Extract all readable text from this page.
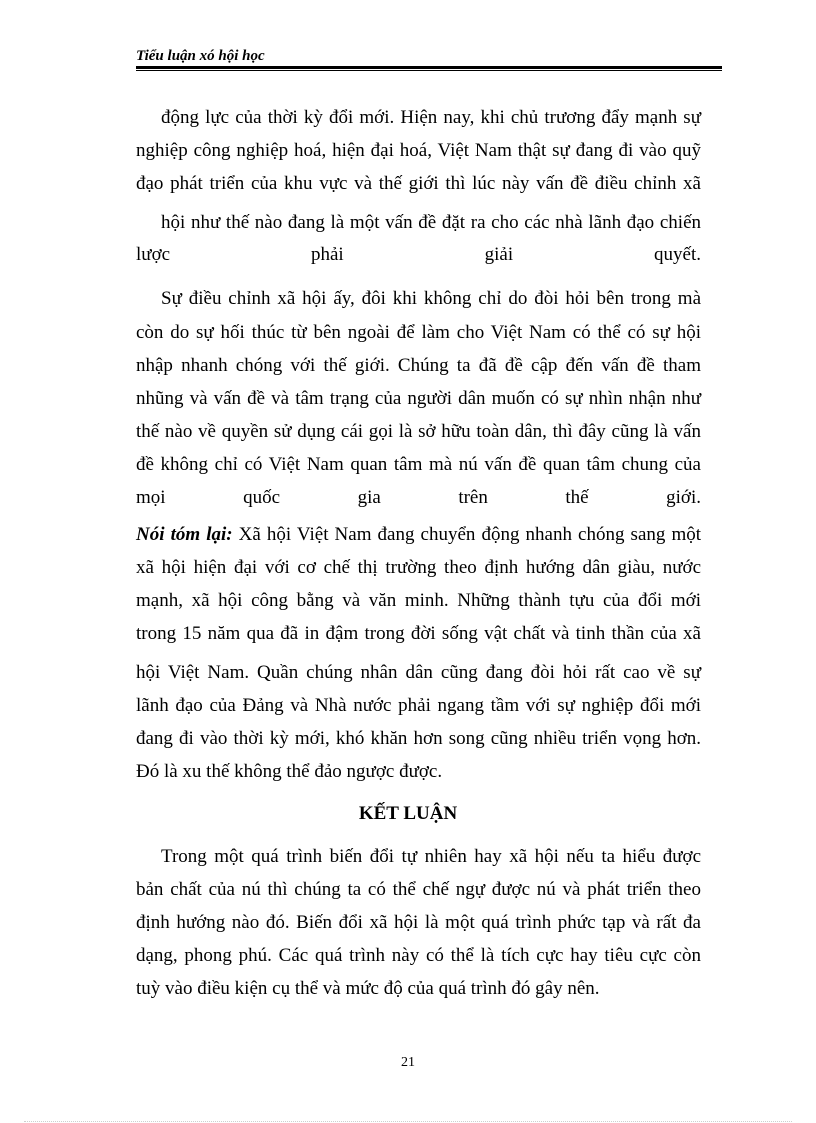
Tiểu luận xó hội học
động lực của thời kỳ đổi mới. Hiện nay, khi chủ trương đẩy mạnh sự
nghiệp công nghiệp hoá, hiện đại hoá, Việt Nam thật sự đang đi vào quỹ
đạo phát triển của khu vực và thế giới thì lúc này vấn đề điều chỉnh xã
hội như thế nào đang là một vấn đề đặt ra cho các nhà lãnh đạo chiến
lược phải giải quyết.
Sự điều chỉnh xã hội ấy, đôi khi không chỉ do đòi hỏi bên trong mà
còn do sự hối thúc từ bên ngoài để làm cho Việt Nam có thể có sự hội
nhập nhanh chóng với thế giới. Chúng ta đã đề cập đến vấn đề tham
nhũng và vấn đề và tâm trạng của người dân muốn có sự nhìn nhận như
thế nào về quyền sử dụng cái gọi là sở hữu toàn dân, thì đây cũng là vấn
đề không chỉ có Việt Nam quan tâm mà nú vấn đề quan tâm chung của
mọi quốc gia trên thế giới.
Nói tóm lại: Xã hội Việt Nam đang chuyển động nhanh chóng sang một
xã hội hiện đại với cơ chế thị trường theo định hướng dân giàu, nước
mạnh, xã hội công bằng và văn minh. Những thành tựu của đổi mới
trong 15 năm qua đã in đậm trong đời sống vật chất và tinh thần của xã
hội Việt Nam. Quần chúng nhân dân cũng đang đòi hỏi rất cao về sự
lãnh đạo của Đảng và Nhà nước phải ngang tầm với sự nghiệp đổi mới
đang đi vào thời kỳ mới, khó khăn hơn song cũng nhiều triển vọng hơn.
Đó là xu thế không thể đảo ngược được.
KẾT LUẬN
Trong một quá trình biến đổi tự nhiên hay xã hội nếu ta hiểu được
bản chất của nú thì chúng ta có thể chế ngự được nú và phát triển theo
định hướng nào đó. Biến đổi xã hội là một quá trình phức tạp và rất đa
dạng, phong phú. Các quá trình này có thể là tích cực hay tiêu cực còn
tuỳ vào điều kiện cụ thể và mức độ của quá trình đó gây nên.
21
